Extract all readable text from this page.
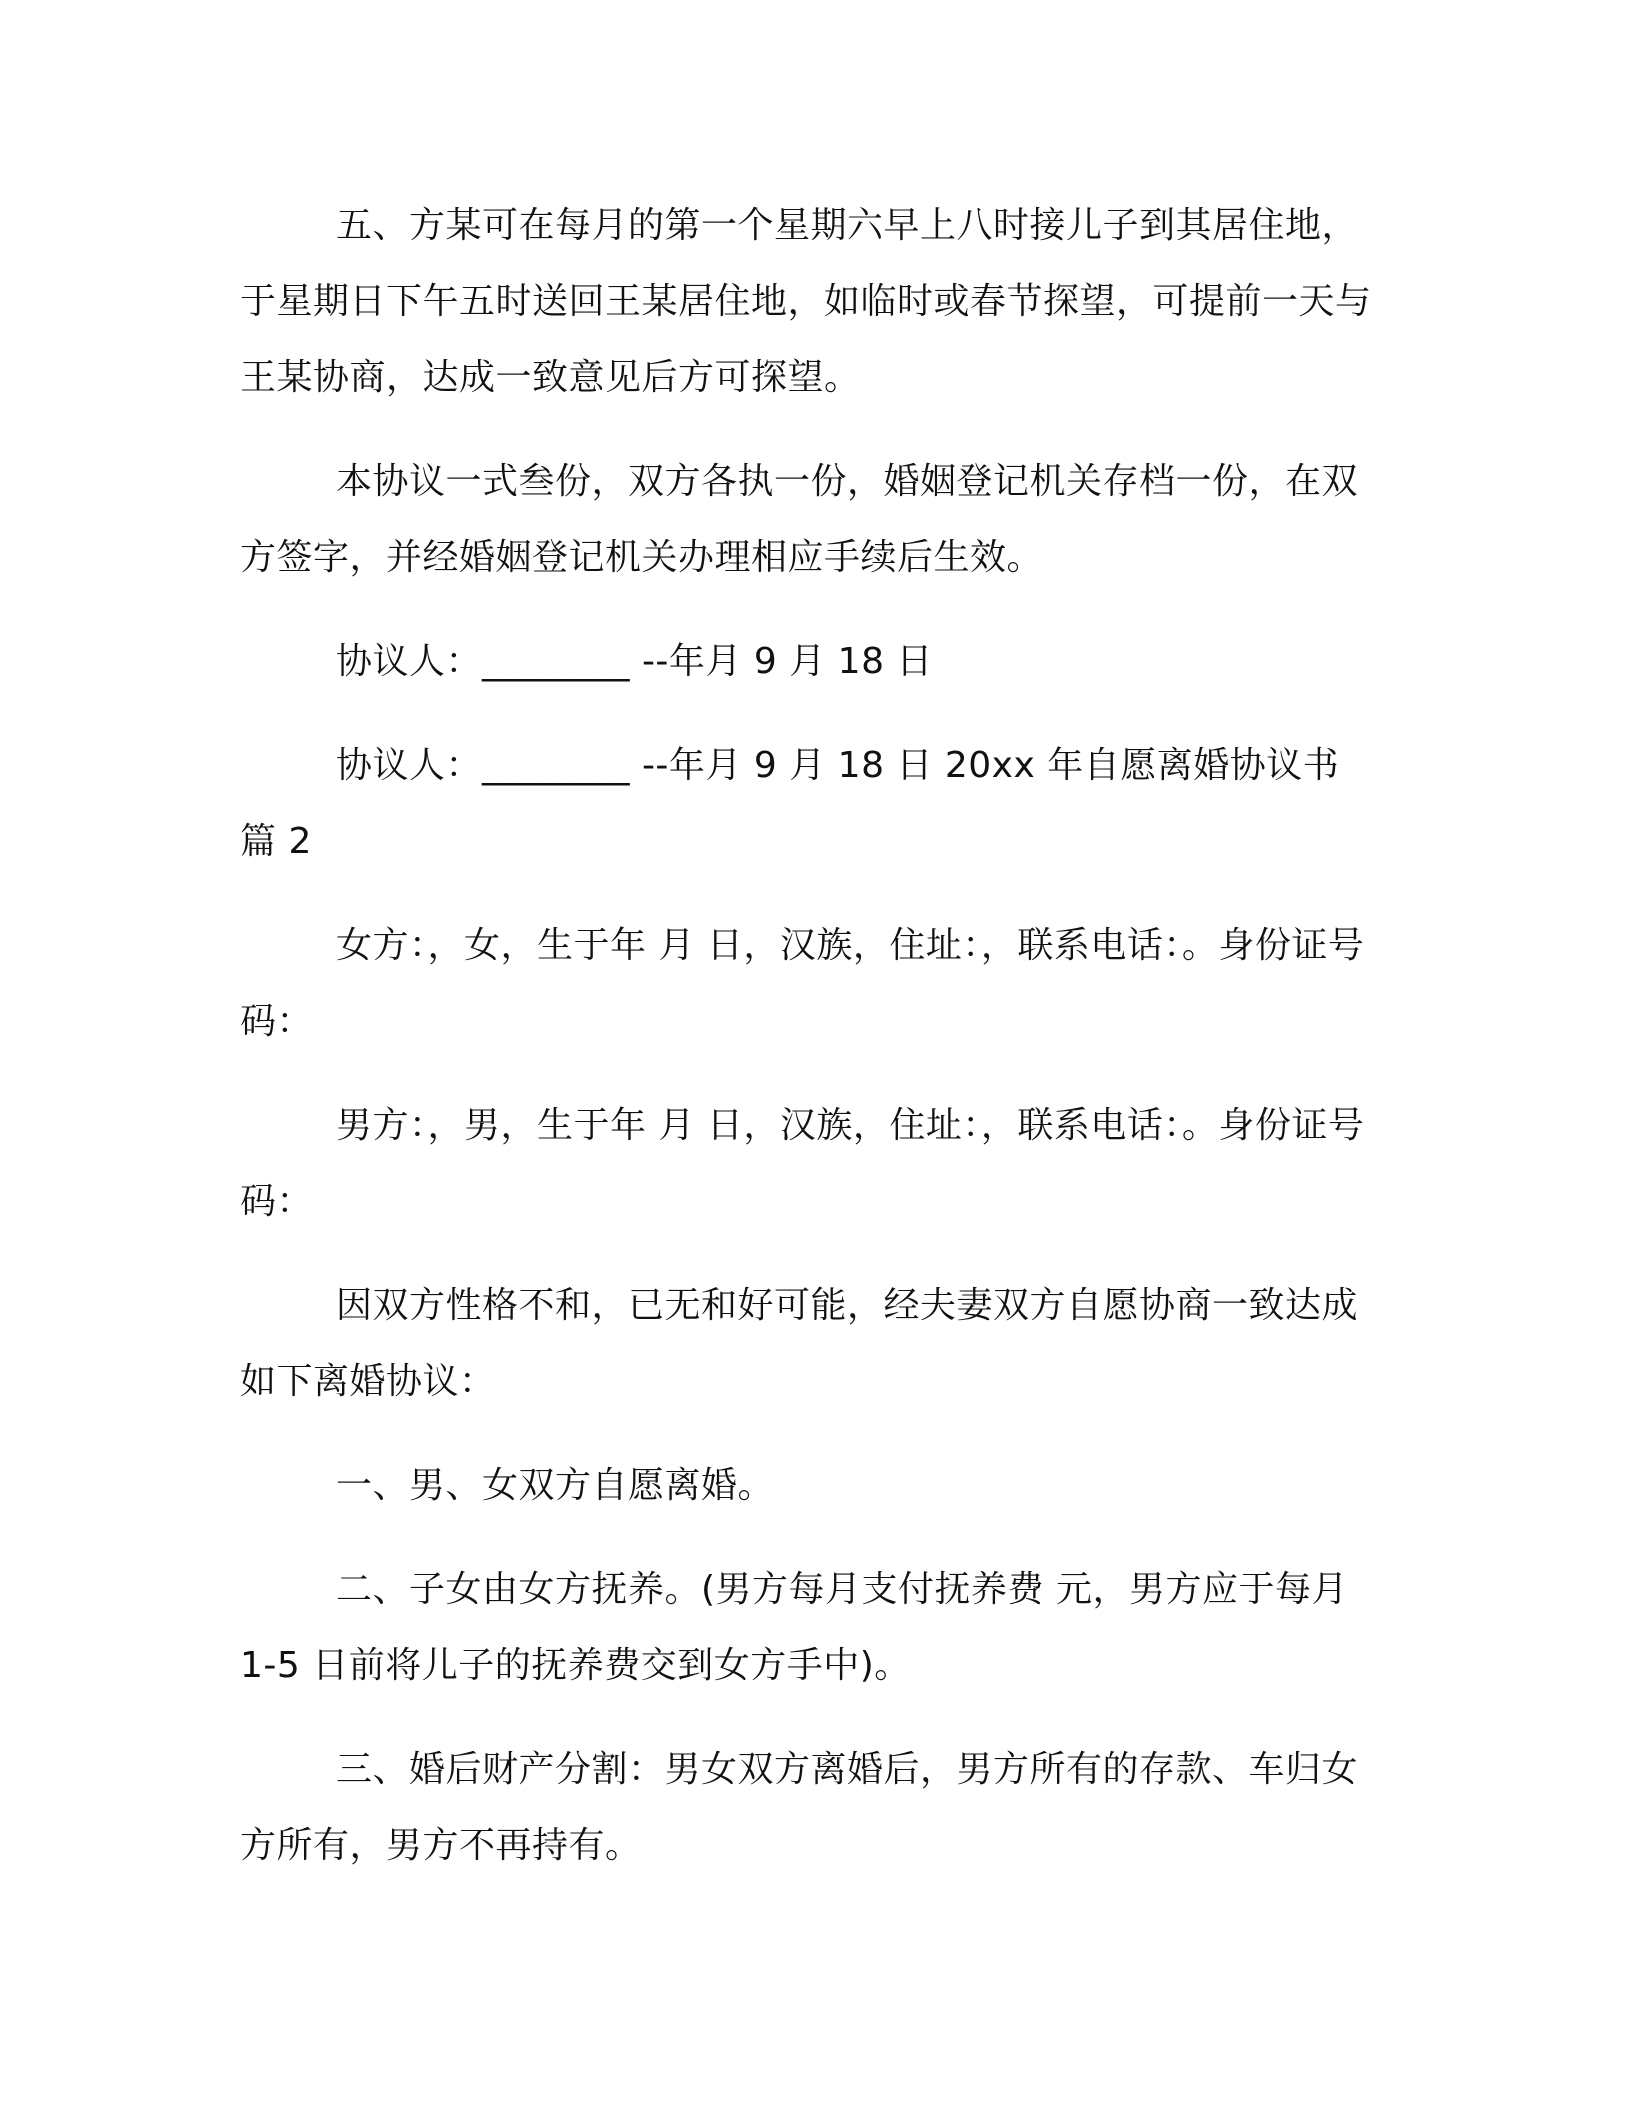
五、方某可在每月的第一个星期六早上八时接儿子到其居住地，于星期日下午五时送回王某居住地，如临时或春节探望，可提前一天与王某协商，达成一致意见后方可探望。

本协议一式叁份，双方各执一份，婚姻登记机关存档一份，在双方签字，并经婚姻登记机关办理相应手续后生效。

协议人：________ --年月 9 月 18 日

协议人：________ --年月 9 月 18 日 20xx 年自愿离婚协议书 篇 2

女方：，女，生于年 月 日，汉族，住址：，联系电话：。身份证号码：

男方：，男，生于年 月 日，汉族，住址：，联系电话：。身份证号码：

因双方性格不和，已无和好可能，经夫妻双方自愿协商一致达成如下离婚协议：

一、男、女双方自愿离婚。

二、子女由女方抚养。(男方每月支付抚养费 元，男方应于每月 1-5 日前将儿子的抚养费交到女方手中)。

三、婚后财产分割：男女双方离婚后，男方所有的存款、车归女方所有，男方不再持有。
